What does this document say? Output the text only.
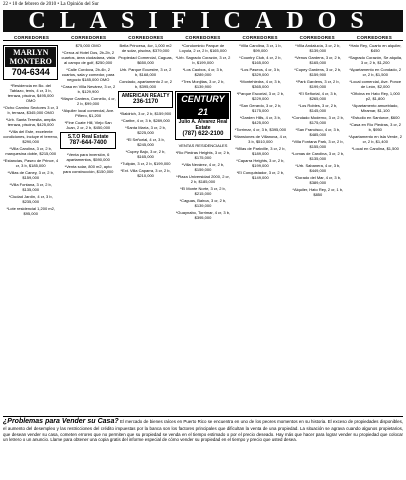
22 • 10 de febrero de 2010 • La Opinión del Sur
CLASIFICADOS
CORREDORES	CORREDORES	CORREDORES	CORREDORES	CORREDORES	CORREDORES	CORREDORES
MARLYN MONTERO
704-6344

*Residencia en Bo. del Tablazo, tenis, 4 cr, 3 b, terraza, piscina, $495,000 OMO

*Ocho Camino Sectores 3 cr, 3 b, terraza, $345,000 OMO

*Urb. Santa Teresita, amplia terraza, piscina, $425,000

*Villa del Este, excelente condiciones, incluye el terreno, $290,000

*Villa Carolina, 3 cr, 2 b, marquesina doble, $215,000

*Estancias, Paseo de Prince, 4 cr, 3 b, $185,000

*Villas de Caney, 3 cr, 2 b, $159,000

*Villa Fontana, 3 cr, 2 b, $135,000

*Ciudad Jardín, 4 cr, 3 b, $235,000

*Lote residencial 1,200 m2, $95,000

$75,000 OMO

*Cerca al Hotel Dos, 2b-2b, 2 cuartos, área ciudadana, vista al campo de golf, $250,000

*Calle Cordova, 2b-4b, 2 cuartos, sala y comedor, para negocio $185,000 OMO

*Casa en Villa Nevárez, 3 cr, 2 b, $129,900

*Mayor Cantera, Cornelio, 4 cr, 2 b, $99,000

*Alquiler local comercial, Ave. Piñero, $1,200

*Fine Cuate Hill, Viejo San Juan, 2 cr, 2 b, $450,000

S.T.O Real Estate
787-644-7400

*Venta para inversión, 6 apartamentos, $590,000

*Venta solar, 800 m2, apto para construcción, $150,000

Bella Princesa, 4cr, 1,000 m2 de solar, piscina, $379,000

Propiedad Comercial, Caguas, $650,000

Urb. Parque Ecuestre, 3 cr, 2 b, $168,000

Condado, apartamento 2 cr, 2 b, $395,000

AMERICAN REALTY
236-1170

*Baldrich, 3 cr, 2 b, $159,900

*Caribe, 4 cr, 3 b, $289,000

*Santa María, 3 cr, 2 b, $225,000

*El Señorial, 4 cr, 3 b, $245,000

*Cupey Bajo, 3 cr, 2 b, $165,000

*Tulipán, 3 cr, 2 b, $199,000

*Ext. Villa Caparra, 3 cr, 2 b, $210,000

*Condominio Parque de Loyola, 2 cr, 2 b, $165,000

*Urb. Sagrado Corazón, 3 cr, 2 b, $199,000

*Los Caobos, 4 cr, 3 b, $289,000

*Tres Monjitas, 3 cr, 2 b, $139,900

CENTURY 21
Julio A. Alvarez Real Estate
(787) 622-2100

VENTAS RESIDENCIALES

*Rio Piedras Heights, 3 cr, 2 b, $175,000

*Villa Nevárez, 4 cr, 2 b, $159,000

*Plaza Universidad 2000, 2 cr, 2 b, $185,000

*El Monte Norte, 3 cr, 2 b, $215,000

*Caguas, Bairoa, 3 cr, 2 b, $139,000

*Guaynabo, Torrimar, 4 cr, 3 b, $395,000

*Villa Carolina, 3 cr, 1 b, $99,000

*Country Club, 4 cr, 2 b, $165,000

*Los Paseos, 4 cr, 3 b, $329,000

*Montehiedra, 4 cr, 3 b, $365,000

*Parque Escorial, 3 cr, 2 b, $229,000

*San Gerardo, 3 cr, 2 b, $175,000

*Garden Hills, 4 cr, 3 b, $425,000

*Torrimar, 4 cr, 3 b, $395,000

*Mansiones de Villanova, 4 cr, 3 b, $510,000

*Villas de Parkville, 3 cr, 2 b, $189,000

*Caparra Heights, 3 cr, 2 b, $199,000

*El Conquistador, 3 cr, 2 b, $149,000

*Villa Andalucía, 3 cr, 2 b, $139,000

*Venus Gardens, 3 cr, 2 b, $165,000

*Cupey Gardens, 3 cr, 2 b, $159,900

*Park Gardens, 3 cr, 2 b, $199,000

*El Señorial, 4 cr, 3 b, $265,000

*Los Robles, 3 cr, 2 b, $145,000

*Condado Moderno, 3 cr, 2 b, $175,000

*San Francisco, 4 cr, 3 b, $485,000

*Villa Fontana Park, 3 cr, 2 b, $155,000

*Lomas de Carolina, 3 cr, 2 b, $135,000

*Urb. Sabanera, 4 cr, 3 b, $449,000

*Dorado del Mar, 4 cr, 3 b, $389,000

*Alquiler, Hato Rey, 2 cr, 1 b, $850

*Hato Rey, Cuarto en alquiler, $450

*Sagrado Corazón, Se alquila, 3 cr, 2 b, $1,200

*Apartamento en Condado, 2 cr, 2 b, $1,500

*Local comercial, Ave. Ponce de León, $2,000

*Oficina en Hato Rey, 1,000 p2, $1,800

*Apartamento amueblado, Miramar, $1,100

*Estudio en Santurce, $600

*Casa en Río Piedras, 3 cr, 2 b, $950

*Apartamento en Isla Verde, 2 cr, 2 b, $1,400

*Local en Carolina, $1,500

¿Problemas para Vender su Casa? El mercado de bienes raíces en Puerto Rico se encuentra en uno de los peores momentos en su historia. El exceso de propiedades disponibles, el aumento del desempleo y las restricciones del crédito impuestas por la banca son los factores principales que dificultan la venta de una propiedad. La situación se agrava cuando algunos propietarios, que desean vender su casa, cometen errores que no permiten que su propiedad se venda en el tiempo estimado o por el precio deseado. Hay más que hacer para lograr vender su propiedad que colocar un letrero o un anuncio. Llame para obtener una copia gratis del informe especial de cómo vender su propiedad en el tiempo y precio que usted desea.
